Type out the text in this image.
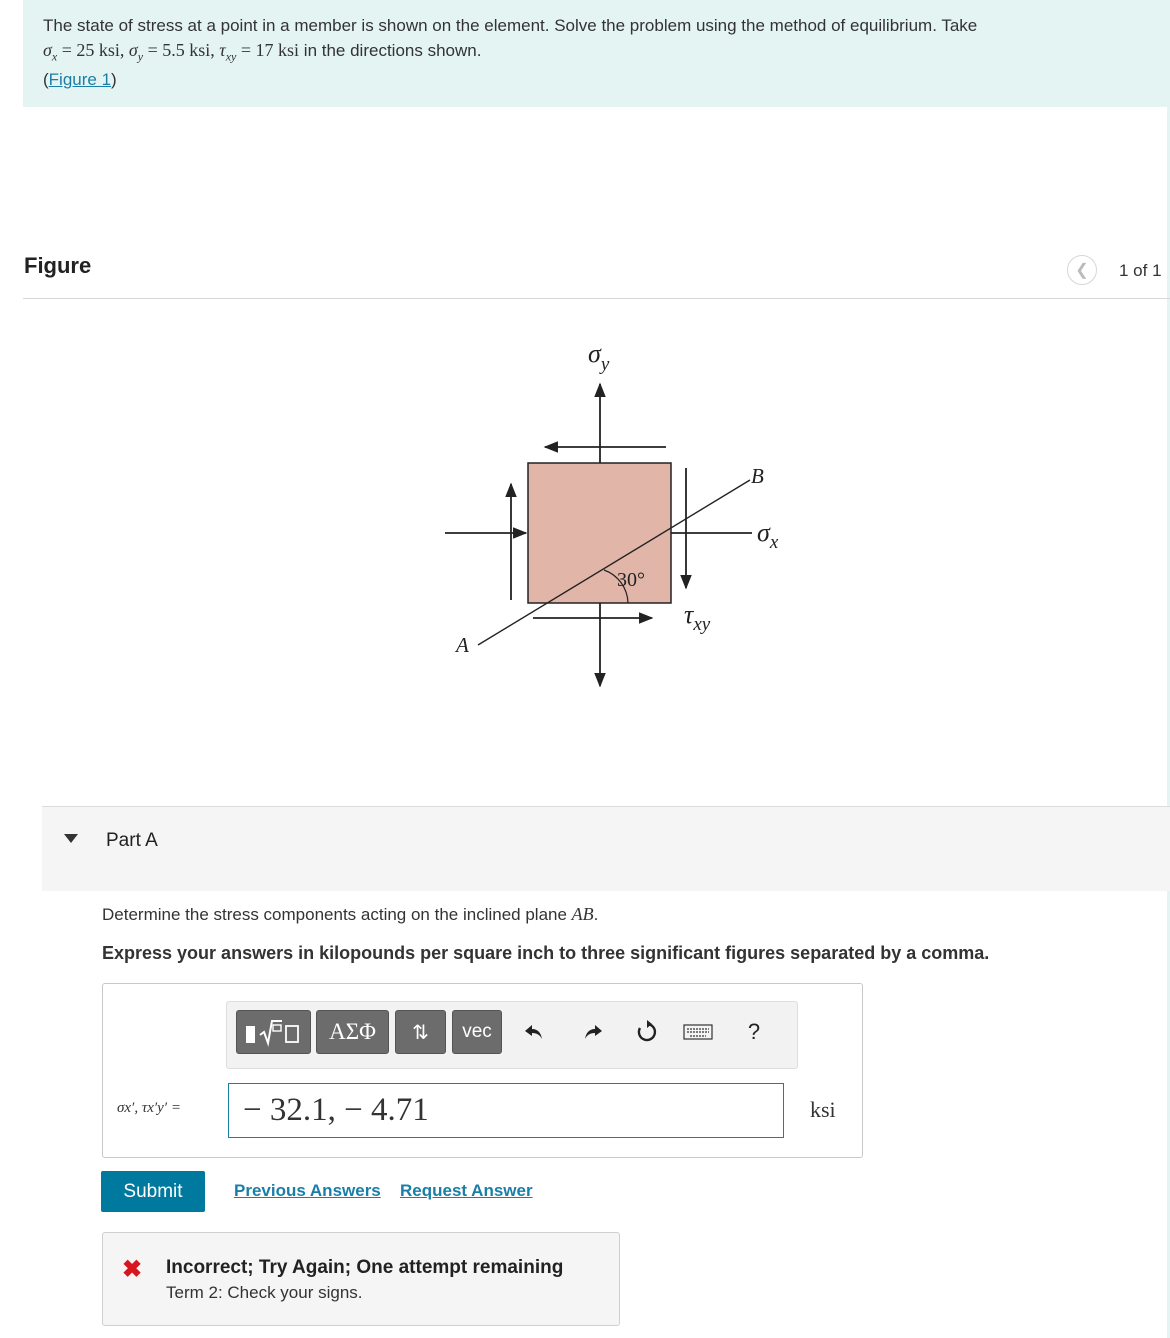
The state of stress at a point in a member is shown on the element. Solve the problem using the method of equilibrium. Take
$\sigma_x = 25$ ksi, $\sigma_y = 5.5$ ksi, $\tau_{xy} = 17$ ksi in the directions shown.
(Figure 1)
Figure	❮ 1 of 1
30°
$\sigma_y$
$\sigma_x$
$\tau_{xy}$
A
B
Part A
Determine the stress components acting on the inclined plane AB.
Express your answers in kilopounds per square inch to three significant figures separated by a comma.
ΑΣΦ	⇅	vec	?
σx′, τx′y′ =	− 32.1, − 4.71	ksi
Submit	Previous Answers Request Answer
✖ Incorrect; Try Again; One attempt remaining
Term 2: Check your signs.
